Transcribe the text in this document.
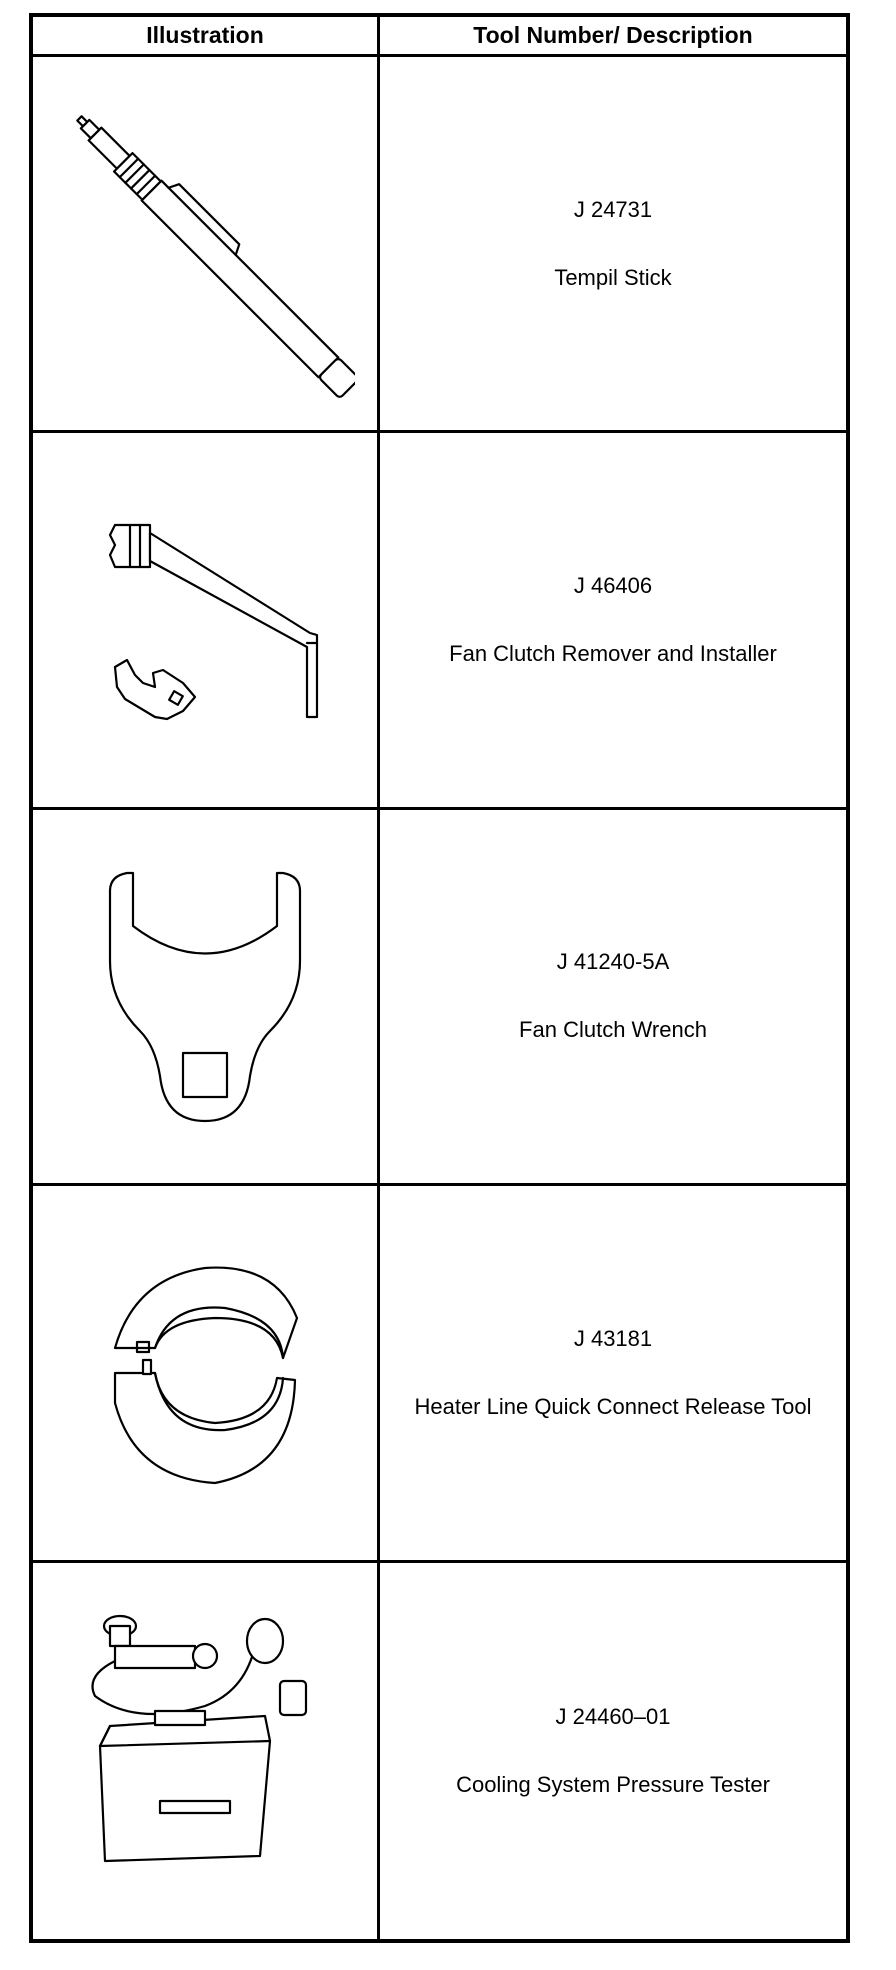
Illustration	Tool Number/ Description
J 24731
Tempil Stick
J 46406
Fan Clutch Remover and Installer
J 41240-5A
Fan Clutch Wrench
J 43181
Heater Line Quick Connect Release Tool
J 24460–01
Cooling System Pressure Tester
